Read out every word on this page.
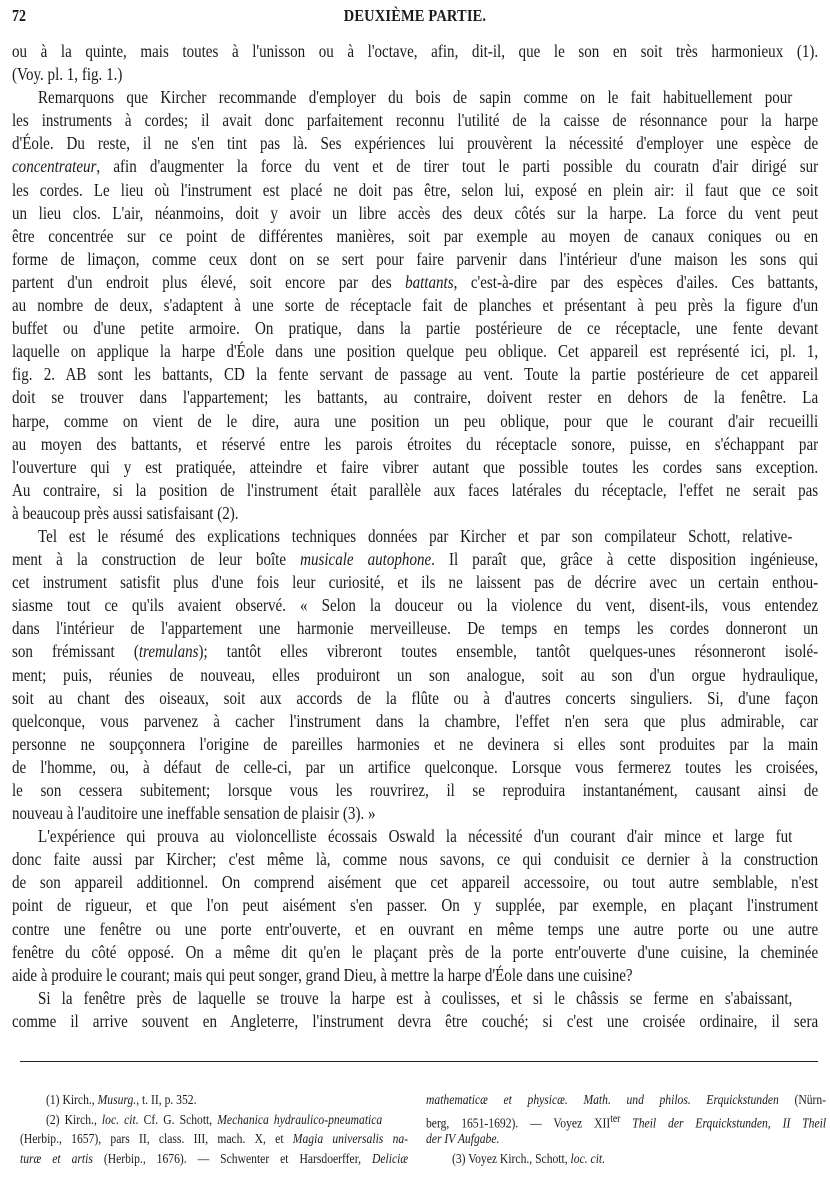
72	DEUXIÈME PARTIE.
ou à la quinte, mais toutes à l'unisson ou à l'octave, afin, dit-il, que le son en soit très harmonieux (1).
(Voy. pl. 1, fig. 1.)
Remarquons que Kircher recommande d'employer du bois de sapin comme on le fait habituellement pour
les instruments à cordes; il avait donc parfaitement reconnu l'utilité de la caisse de résonnance pour la harpe
d'Éole. Du reste, il ne s'en tint pas là. Ses expériences lui prouvèrent la nécessité d'employer une espèce de
concentrateur, afin d'augmenter la force du vent et de tirer tout le parti possible du couratn d'air dirigé sur
les cordes. Le lieu où l'instrument est placé ne doit pas être, selon lui, exposé en plein air: il faut que ce soit
un lieu clos. L'air, néanmoins, doit y avoir un libre accès des deux côtés sur la harpe. La force du vent peut
être concentrée sur ce point de différentes manières, soit par exemple au moyen de canaux coniques ou en
forme de limaçon, comme ceux dont on se sert pour faire parvenir dans l'intérieur d'une maison les sons qui
partent d'un endroit plus élevé, soit encore par des battants, c'est-à-dire par des espèces d'ailes. Ces battants,
au nombre de deux, s'adaptent à une sorte de réceptacle fait de planches et présentant à peu près la figure d'un
buffet ou d'une petite armoire. On pratique, dans la partie postérieure de ce réceptacle, une fente devant
laquelle on applique la harpe d'Éole dans une position quelque peu oblique. Cet appareil est représenté ici, pl. 1,
fig. 2. AB sont les battants, CD la fente servant de passage au vent. Toute la partie postérieure de cet appareil
doit se trouver dans l'appartement; les battants, au contraire, doivent rester en dehors de la fenêtre. La
harpe, comme on vient de le dire, aura une position un peu oblique, pour que le courant d'air recueilli
au moyen des battants, et réservé entre les parois étroites du réceptacle sonore, puisse, en s'échappant par
l'ouverture qui y est pratiquée, atteindre et faire vibrer autant que possible toutes les cordes sans exception.
Au contraire, si la position de l'instrument était parallèle aux faces latérales du réceptacle, l'effet ne serait pas
à beaucoup près aussi satisfaisant (2).
Tel est le résumé des explications techniques données par Kircher et par son compilateur Schott, relative-
ment à la construction de leur boîte musicale autophone. Il paraît que, grâce à cette disposition ingénieuse,
cet instrument satisfit plus d'une fois leur curiosité, et ils ne laissent pas de décrire avec un certain enthou-
siasme tout ce qu'ils avaient observé. « Selon la douceur ou la violence du vent, disent-ils, vous entendez
dans l'intérieur de l'appartement une harmonie merveilleuse. De temps en temps les cordes donneront un
son frémissant (tremulans); tantôt elles vibreront toutes ensemble, tantôt quelques-unes résonneront isolé-
ment; puis, réunies de nouveau, elles produiront un son analogue, soit au son d'un orgue hydraulique,
soit au chant des oiseaux, soit aux accords de la flûte ou à d'autres concerts singuliers. Si, d'une façon
quelconque, vous parvenez à cacher l'instrument dans la chambre, l'effet n'en sera que plus admirable, car
personne ne soupçonnera l'origine de pareilles harmonies et ne devinera si elles sont produites par la main
de l'homme, ou, à défaut de celle-ci, par un artifice quelconque. Lorsque vous fermerez toutes les croisées,
le son cessera subitement; lorsque vous les rouvrirez, il se reproduira instantanément, causant ainsi de
nouveau à l'auditoire une ineffable sensation de plaisir (3). »
L'expérience qui prouva au violoncelliste écossais Oswald la nécessité d'un courant d'air mince et large fut
donc faite aussi par Kircher; c'est même là, comme nous savons, ce qui conduisit ce dernier à la construction
de son appareil additionnel. On comprend aisément que cet appareil accessoire, ou tout autre semblable, n'est
point de rigueur, et que l'on peut aisément s'en passer. On y supplée, par exemple, en plaçant l'instrument
contre une fenêtre ou une porte entr'ouverte, et en ouvrant en même temps une autre porte ou une autre
fenêtre du côté opposé. On a même dit qu'en le plaçant près de la porte entr'ouverte d'une cuisine, la cheminée
aide à produire le courant; mais qui peut songer, grand Dieu, à mettre la harpe d'Éole dans une cuisine?
Si la fenêtre près de laquelle se trouve la harpe est à coulisses, et si le châssis se ferme en s'abaissant,
comme il arrive souvent en Angleterre, l'instrument devra être couché; si c'est une croisée ordinaire, il sera
(1) Kirch., Musurg., t. II, p. 352.
(2) Kirch., loc. cit. Cf. G. Schott, Mechanica hydraulico-pneumatica
(Herbip., 1657), pars II, class. III, mach. X, et Magia universalis na-
turæ et artis (Herbip., 1676). — Schwenter et Harsdoerffer, Deliciæ
mathematicæ et physicæ. Math. und philos. Erquickstunden (Nürn-
berg, 1651-1692). — Voyez $XII^{ter}$ Theil der Erquickstunden, II Theil
der IV Aufgabe.
(3) Voyez Kirch., Schott, loc. cit.
